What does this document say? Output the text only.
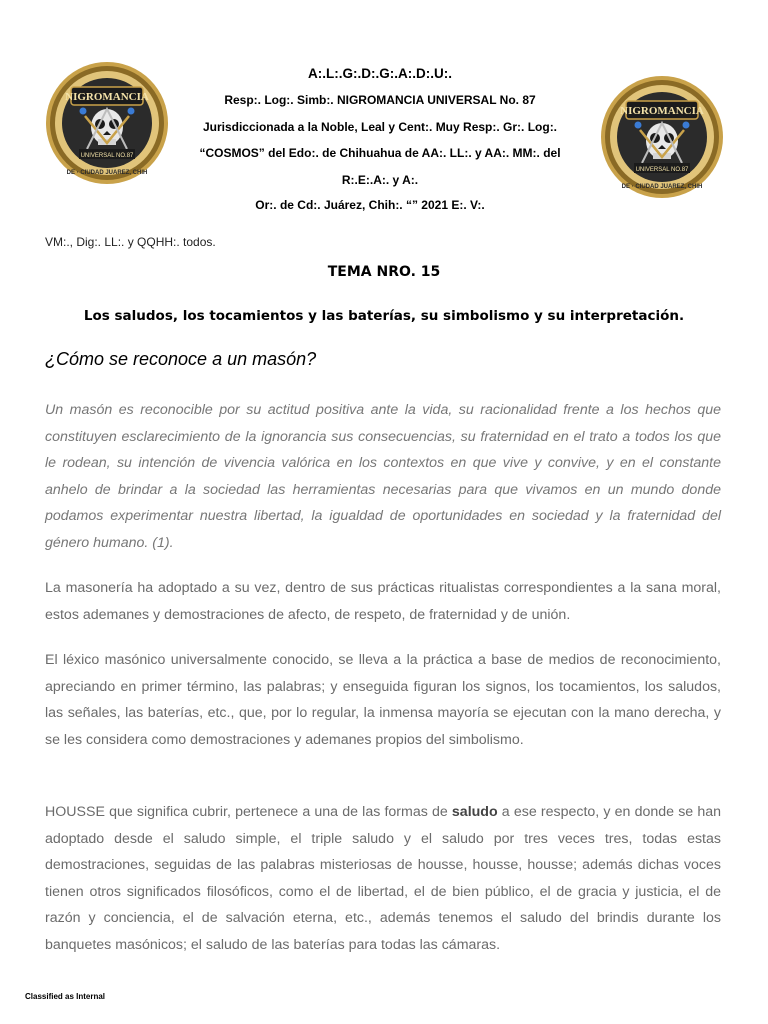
NIGROMANCIA
UNIVERSAL NO.87
DE · CIUDAD JUAREZ, CHIH
NIGROMANCIA
UNIVERSAL NO.87
DE · CIUDAD JUAREZ, CHIH
A:.L:.G:.D:.G:.A:.D:.U:.
Resp:. Log:. Simb:. NIGROMANCIA UNIVERSAL No. 87
Jurisdiccionada a la Noble, Leal y Cent:. Muy Resp:. Gr:. Log:.
“COSMOS” del Edo:. de Chihuahua de AA:. LL:. y AA:. MM:. del
R:.E:.A:. y A:.
Or:. de Cd:. Juárez, Chih:. “” 2021 E:. V:.
VM:., Dig:. LL:. y QQHH:. todos.
TEMA NRO. 15
Los saludos, los tocamientos y las baterías, su simbolismo y su interpretación.
¿Cómo se reconoce a un masón?
Un masón es reconocible por su actitud positiva ante la vida, su racionalidad frente a los hechos que constituyen esclarecimiento de la ignorancia sus consecuencias, su fraternidad en el trato a todos los que le rodean, su intención de vivencia valórica en los contextos en que vive y convive, y en el constante anhelo de brindar a la sociedad las herramientas necesarias para que vivamos en un mundo donde podamos experimentar nuestra libertad, la igualdad de oportunidades en sociedad y la fraternidad del género humano. (1).
La masonería ha adoptado a su vez, dentro de sus prácticas ritualistas correspondientes a la sana moral, estos ademanes y demostraciones de afecto, de respeto, de fraternidad y de unión.
El léxico masónico universalmente conocido, se lleva a la práctica a base de medios de reconocimiento, apreciando en primer término, las palabras; y enseguida figuran los signos, los tocamientos, los saludos, las señales, las baterías, etc., que, por lo regular, la inmensa mayoría se ejecutan con la mano derecha, y se les considera como demostraciones y ademanes propios del simbolismo.
HOUSSE que significa cubrir, pertenece a una de las formas de saludo a ese respecto, y en donde se han adoptado desde el saludo simple, el triple saludo y el saludo por tres veces tres, todas estas demostraciones, seguidas de las palabras misteriosas de housse, housse, housse; además dichas voces tienen otros significados filosóficos, como el de libertad, el de bien público, el de gracia y justicia, el de razón y conciencia, el de salvación eterna, etc., además tenemos el saludo del brindis durante los banquetes masónicos; el saludo de las baterías para todas las cámaras.
Classified as Internal
